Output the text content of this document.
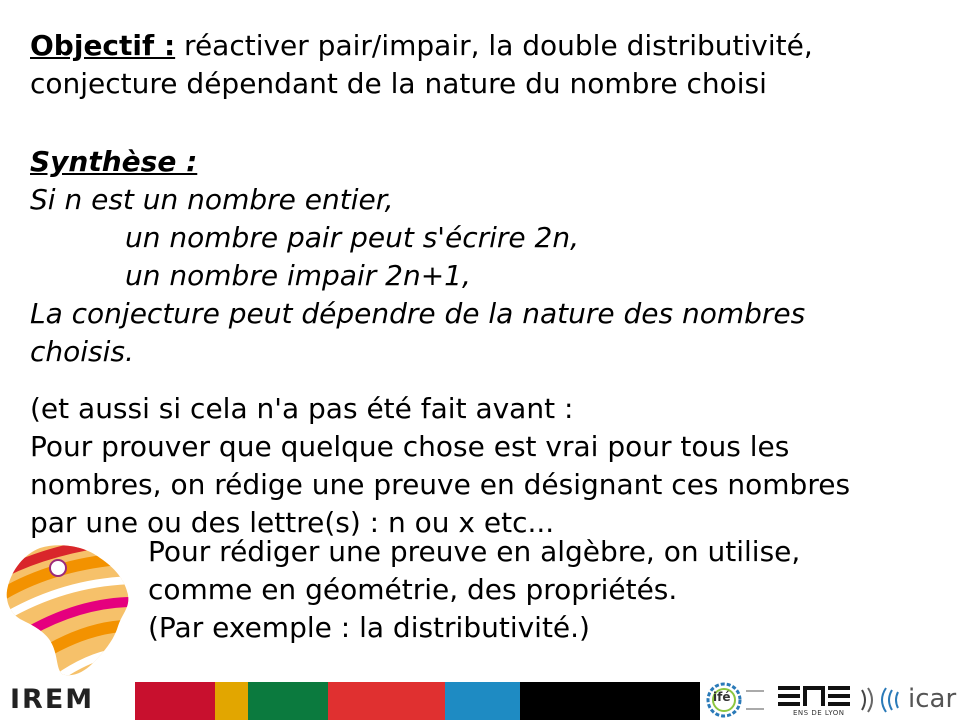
Objectif : réactiver pair/impair, la double distributivité,
conjecture dépendant de la nature du nombre choisi
Synthèse :
Si n est un nombre entier,
un nombre pair peut s'écrire 2n,
un nombre impair 2n+1,
La conjecture peut dépendre de la nature des nombres
choisis.
(et aussi si cela n'a pas été fait avant :
Pour prouver que quelque chose est vrai pour tous les
nombres, on rédige une preuve en désignant ces nombres
par une ou des lettre(s) : n ou x etc...
Pour rédiger une preuve en algèbre, on utilise,
comme en géométrie, des propriétés.
(Par exemple : la distributivité.)
IREM	ifé
ENS DE LYON icar
